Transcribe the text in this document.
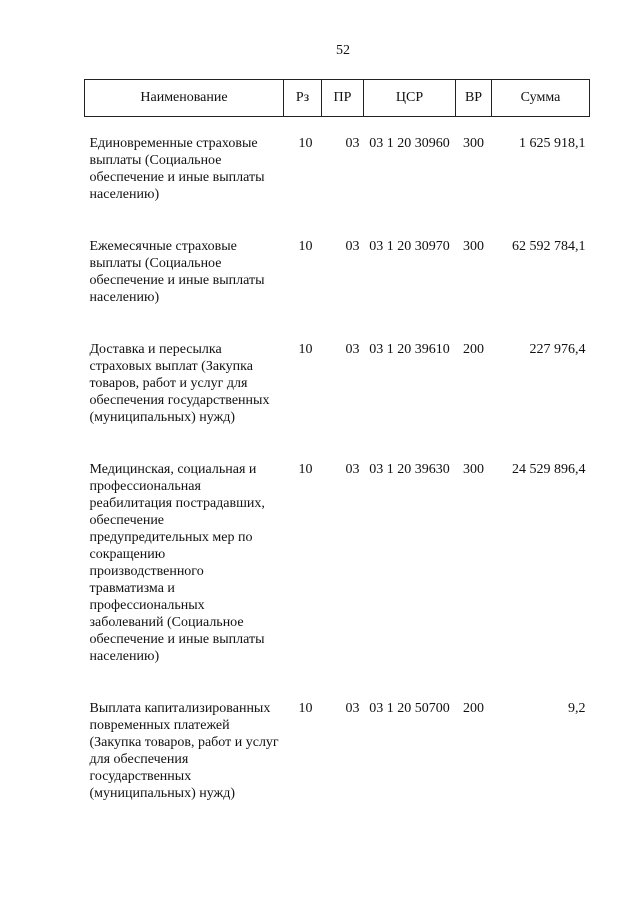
52
Наименование	Рз	ПР	ЦСР	ВР	Сумма

Единовременные страховые выплаты (Социальное обеспечение и иные выплаты населению)	10	03	03 1 20 30960	300	1 625 918,1

Ежемесячные страховые выплаты (Социальное обеспечение и иные выплаты населению)	10	03	03 1 20 30970	300	62 592 784,1

Доставка и пересылка страховых выплат (Закупка товаров, работ и услуг для обеспечения государственных (муниципальных) нужд)	10	03	03 1 20 39610	200	227 976,4

Медицинская, социальная и профессиональная реабилитация пострадавших, обеспечение предупредительных мер по сокращению производственного травматизма и профессиональных заболеваний (Социальное обеспечение и иные выплаты населению)	10	03	03 1 20 39630	300	24 529 896,4

Выплата капитализированных повременных платежей (Закупка товаров, работ и услуг для обеспечения государственных (муниципальных) нужд)	10	03	03 1 20 50700	200	9,2
